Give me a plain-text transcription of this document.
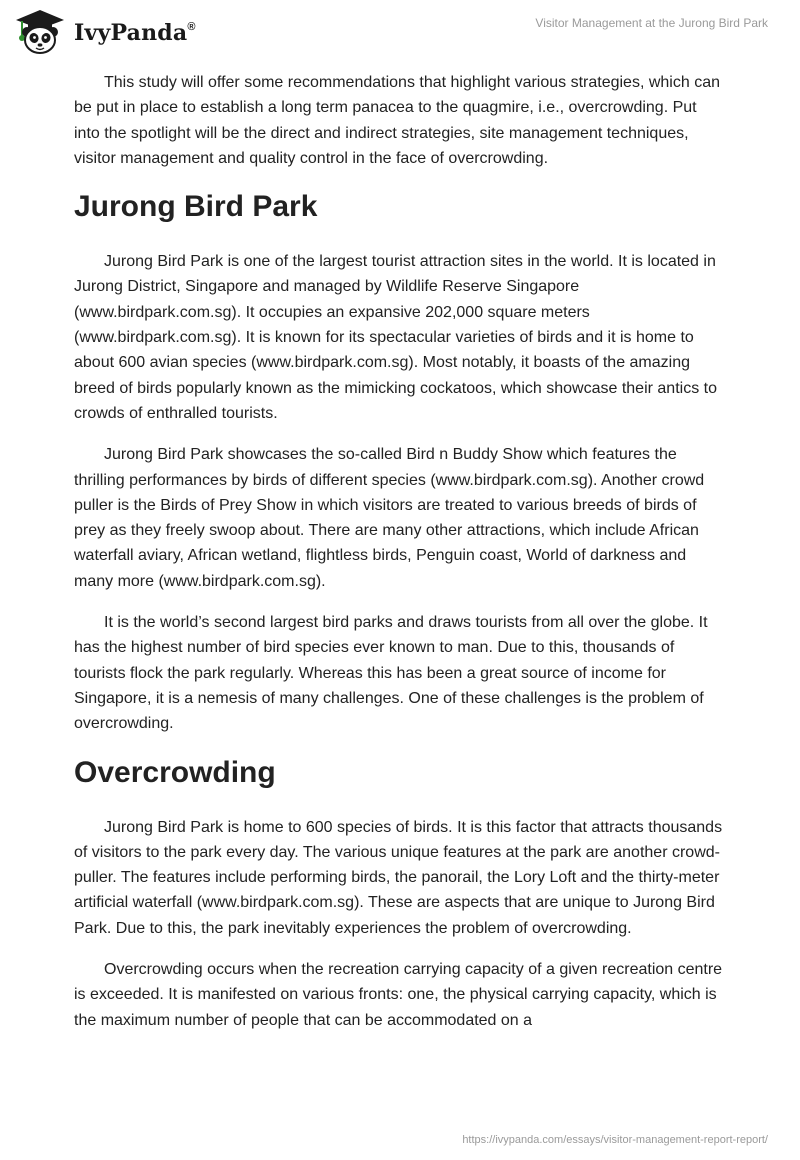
IvyPanda®	Visitor Management at the Jurong Bird Park

This study will offer some recommendations that highlight various strategies, which can be put in place to establish a long term panacea to the quagmire, i.e., overcrowding. Put into the spotlight will be the direct and indirect strategies, site management techniques, visitor management and quality control in the face of overcrowding.

Jurong Bird Park

Jurong Bird Park is one of the largest tourist attraction sites in the world. It is located in Jurong District, Singapore and managed by Wildlife Reserve Singapore (www.birdpark.com.sg). It occupies an expansive 202,000 square meters (www.birdpark.com.sg). It is known for its spectacular varieties of birds and it is home to about 600 avian species (www.birdpark.com.sg). Most notably, it boasts of the amazing breed of birds popularly known as the mimicking cockatoos, which showcase their antics to crowds of enthralled tourists.

Jurong Bird Park showcases the so-called Bird n Buddy Show which features the thrilling performances by birds of different species (www.birdpark.com.sg). Another crowd puller is the Birds of Prey Show in which visitors are treated to various breeds of birds of prey as they freely swoop about. There are many other attractions, which include African waterfall aviary, African wetland, flightless birds, Penguin coast, World of darkness and many more (www.birdpark.com.sg).

It is the world’s second largest bird parks and draws tourists from all over the globe. It has the highest number of bird species ever known to man. Due to this, thousands of tourists flock the park regularly. Whereas this has been a great source of income for Singapore, it is a nemesis of many challenges. One of these challenges is the problem of overcrowding.

Overcrowding

Jurong Bird Park is home to 600 species of birds. It is this factor that attracts thousands of visitors to the park every day. The various unique features at the park are another crowd-puller. The features include performing birds, the panorail, the Lory Loft and the thirty-meter artificial waterfall (www.birdpark.com.sg). These are aspects that are unique to Jurong Bird Park. Due to this, the park inevitably experiences the problem of overcrowding.

Overcrowding occurs when the recreation carrying capacity of a given recreation centre is exceeded. It is manifested on various fronts: one, the physical carrying capacity, which is the maximum number of people that can be accommodated on a

https://ivypanda.com/essays/visitor-management-report-report/
